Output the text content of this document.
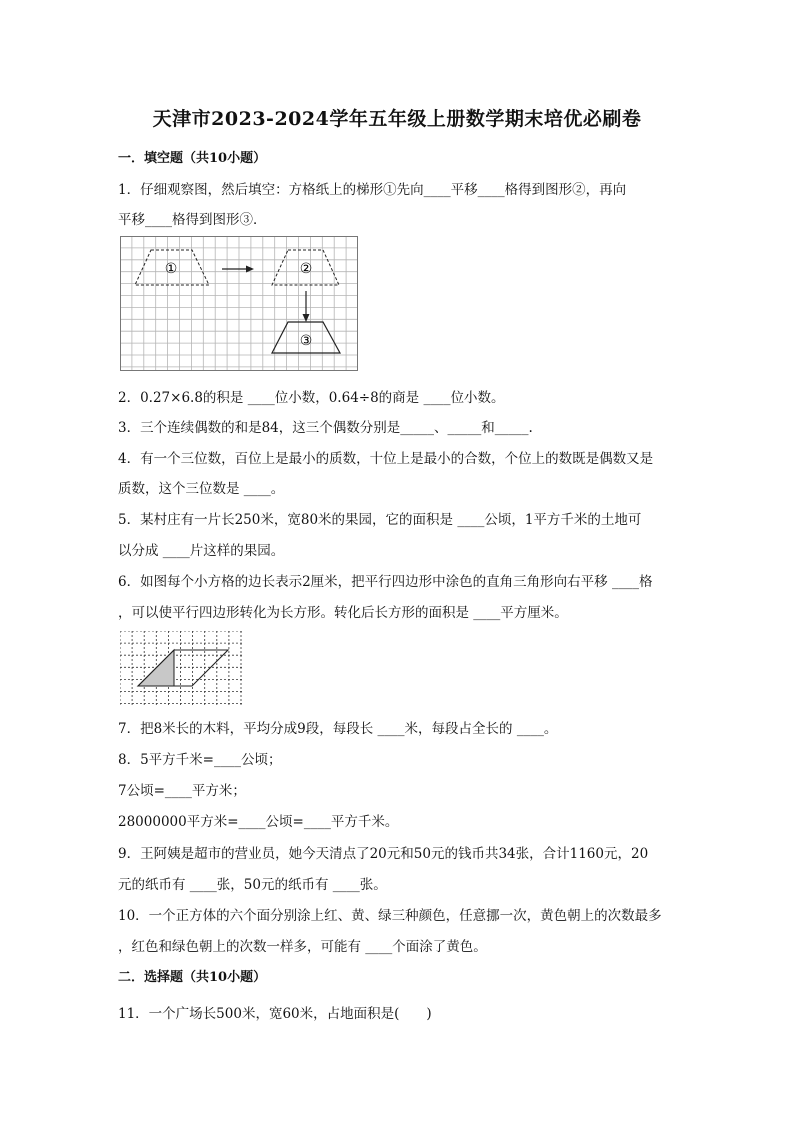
天津市2023-2024学年五年级上册数学期末培优必刷卷
一．填空题（共10小题）
1．仔细观察图，然后填空：方格纸上的梯形①先向____平移____格得到图形②，再向
平移____格得到图形③．
①	②
③
2．0.27×6.8的积是 ____位小数，0.64÷8的商是 ____位小数。
3．三个连续偶数的和是84，这三个偶数分别是_____、_____和_____.
4．有一个三位数，百位上是最小的质数，十位上是最小的合数，个位上的数既是偶数又是
质数，这个三位数是 ____。
5．某村庄有一片长250米，宽80米的果园，它的面积是 ____公顷，1平方千米的土地可
以分成 ____片这样的果园。
6．如图每个小方格的边长表示2厘米，把平行四边形中涂色的直角三角形向右平移 ____格
，可以使平行四边形转化为长方形。转化后长方形的面积是 ____平方厘米。
7．把8米长的木料，平均分成9段，每段长 ____米，每段占全长的 ____。
8．5平方千米=____公顷；
7公顷=____平方米；
28000000平方米=____公顷=____平方千米。
9．王阿姨是超市的营业员，她今天清点了20元和50元的钱币共34张，合计1160元，20
元的纸币有 ____张，50元的纸币有 ____张。
10．一个正方体的六个面分别涂上红、黄、绿三种颜色，任意挪一次，黄色朝上的次数最多
，红色和绿色朝上的次数一样多，可能有 ____个面涂了黄色。
二．选择题（共10小题）
11．一个广场长500米，宽60米，占地面积是(　　)
